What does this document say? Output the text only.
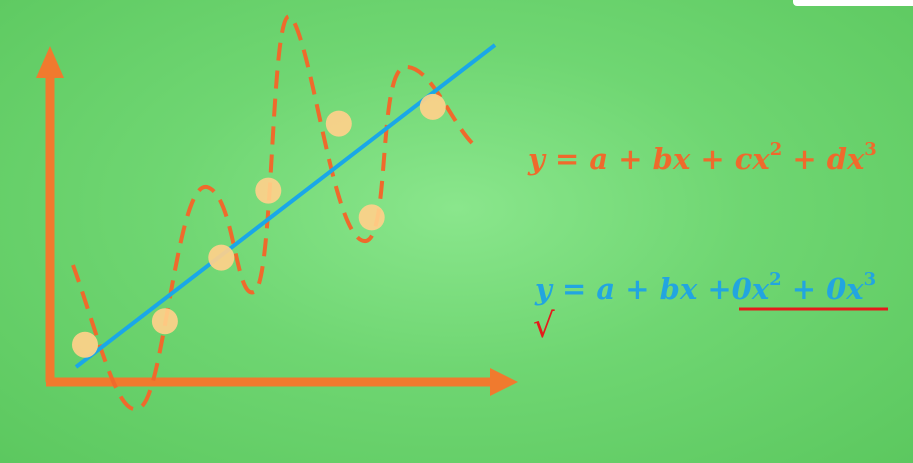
y = a + bx + $cx^2 + dx^3$
y = a + bx $+0x^2 + 0x^3$
√
